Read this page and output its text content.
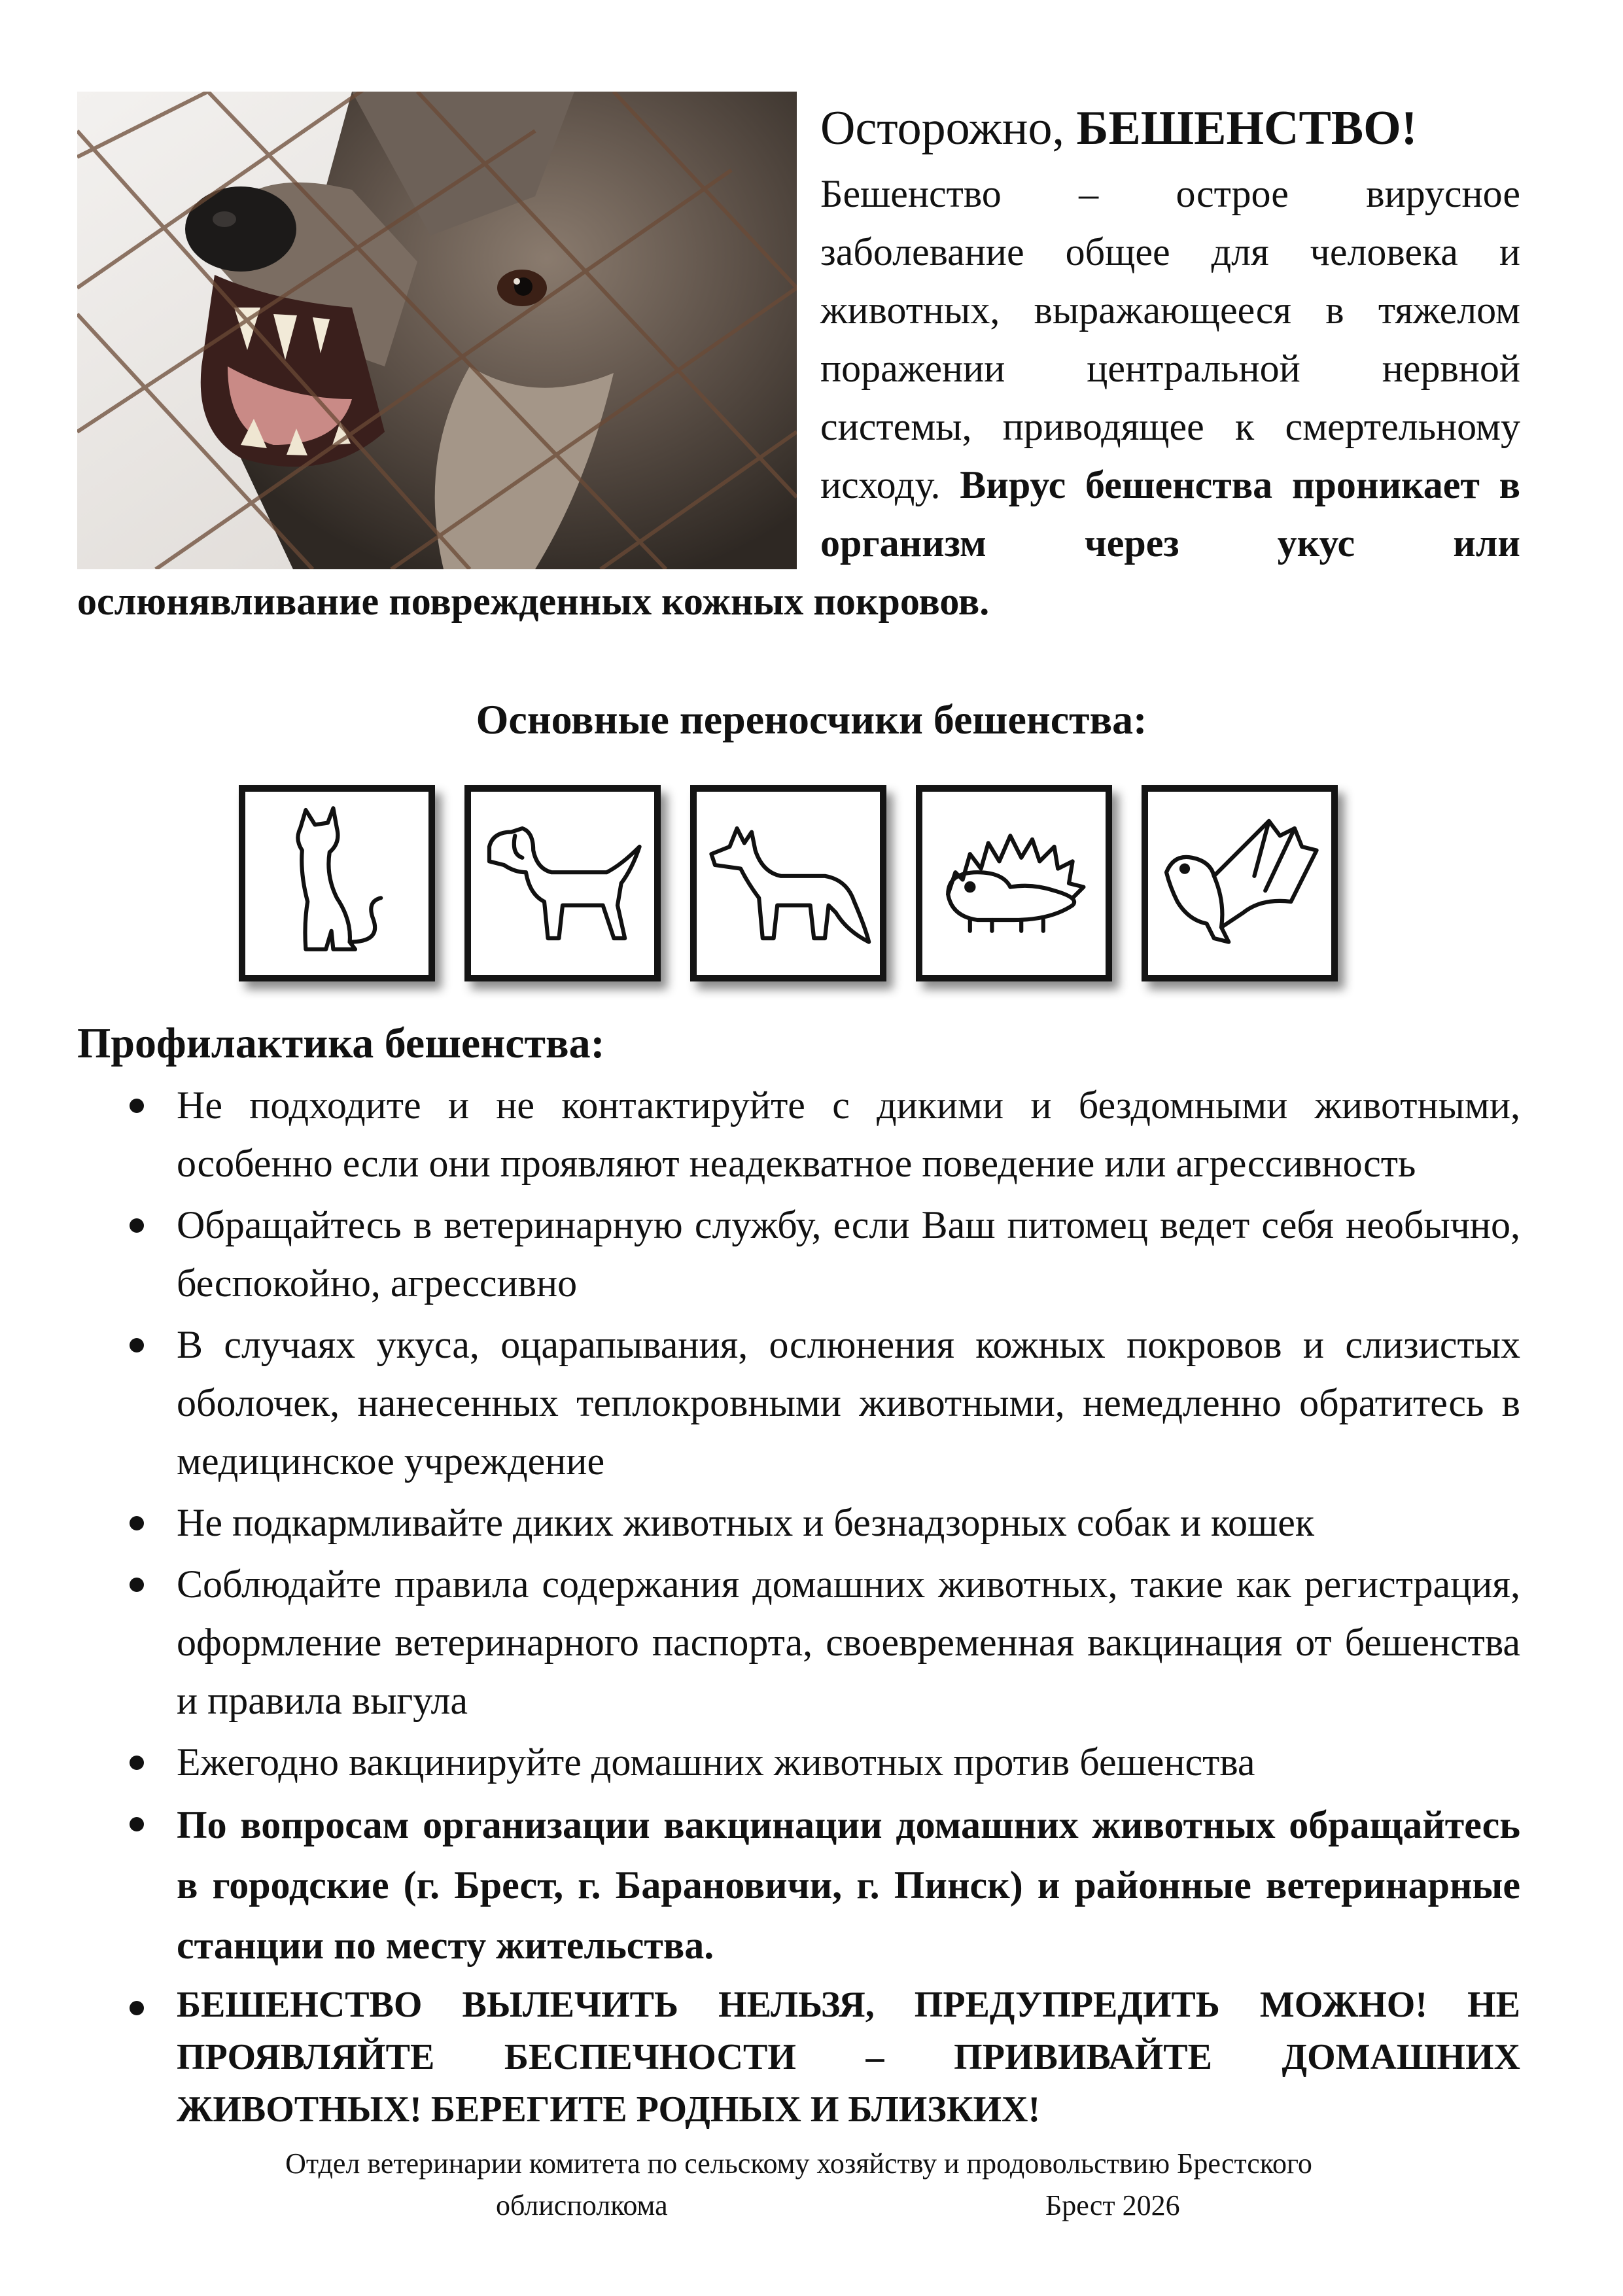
Осторожно, БЕШЕНСТВО!

Бешенство – острое вирусное заболевание общее для человека и животных, выражающееся в тяжелом поражении центральной нервной системы, приводящее к смертельному исходу. Вирус бешенства проникает в организм через укус или ослюнявливание поврежденных кожных покровов.

Основные переносчики бешенства:
Профилактика бешенства:
Не подходите и не контактируйте с дикими и бездомными животными, особенно если они проявляют неадекватное поведение или агрессивность
Обращайтесь в ветеринарную службу, если Ваш питомец ведет себя необычно, беспокойно, агрессивно
В случаях укуса, оцарапывания, ослюнения кожных покровов и слизистых оболочек, нанесенных теплокровными животными, немедленно обратитесь в медицинское учреждение
Не подкармливайте диких животных и безнадзорных собак и кошек
Соблюдайте правила содержания домашних животных, такие как регистрация, оформление ветеринарного паспорта, своевременная вакцинация от бешенства и правила выгула
Ежегодно вакцинируйте домашних животных против бешенства
По вопросам организации вакцинации домашних животных обращайтесь в городские (г. Брест, г. Барановичи, г. Пинск) и районные ветеринарные станции по месту жительства.
БЕШЕНСТВО ВЫЛЕЧИТЬ НЕЛЬЗЯ, ПРЕДУПРЕДИТЬ МОЖНО! НЕ ПРОЯВЛЯЙТЕ БЕСПЕЧНОСТИ – ПРИВИВАЙТЕ ДОМАШНИХ ЖИВОТНЫХ! БЕРЕГИТЕ РОДНЫХ И БЛИЗКИХ!
Отдел ветеринарии комитета по сельскому хозяйству и продовольствию Брестского
облисполкома	Брест 2026
